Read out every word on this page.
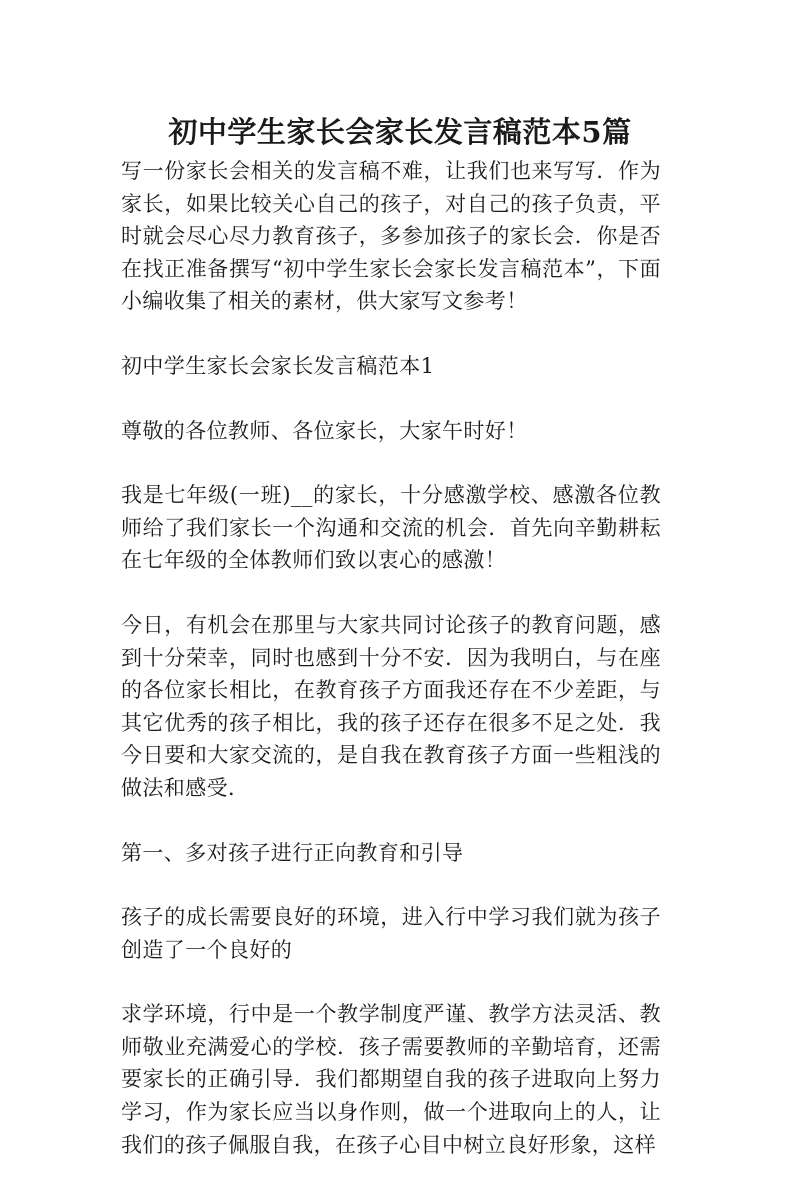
初中学生家长会家长发言稿范本5篇

写一份家长会相关的发言稿不难，让我们也来写写．作为家长，如果比较关心自己的孩子，对自己的孩子负责，平时就会尽心尽力教育孩子，多参加孩子的家长会．你是否在找正准备撰写“初中学生家长会家长发言稿范本”，下面小编收集了相关的素材，供大家写文参考！

初中学生家长会家长发言稿范本1

尊敬的各位教师、各位家长，大家午时好！

我是七年级(一班)__的家长，十分感激学校、感激各位教师给了我们家长一个沟通和交流的机会．首先向辛勤耕耘在七年级的全体教师们致以衷心的感激！

今日，有机会在那里与大家共同讨论孩子的教育问题，感到十分荣幸，同时也感到十分不安．因为我明白，与在座的各位家长相比，在教育孩子方面我还存在不少差距，与其它优秀的孩子相比，我的孩子还存在很多不足之处．我今日要和大家交流的，是自我在教育孩子方面一些粗浅的做法和感受．

第一、多对孩子进行正向教育和引导

孩子的成长需要良好的环境，进入行中学习我们就为孩子创造了一个良好的

求学环境，行中是一个教学制度严谨、教学方法灵活、教师敬业充满爱心的学校．孩子需要教师的辛勤培育，还需要家长的正确引导．我们都期望自我的孩子进取向上努力学习，作为家长应当以身作则，做一个进取向上的人，让我们的孩子佩服自我，在孩子心目中树立良好形象，这样
